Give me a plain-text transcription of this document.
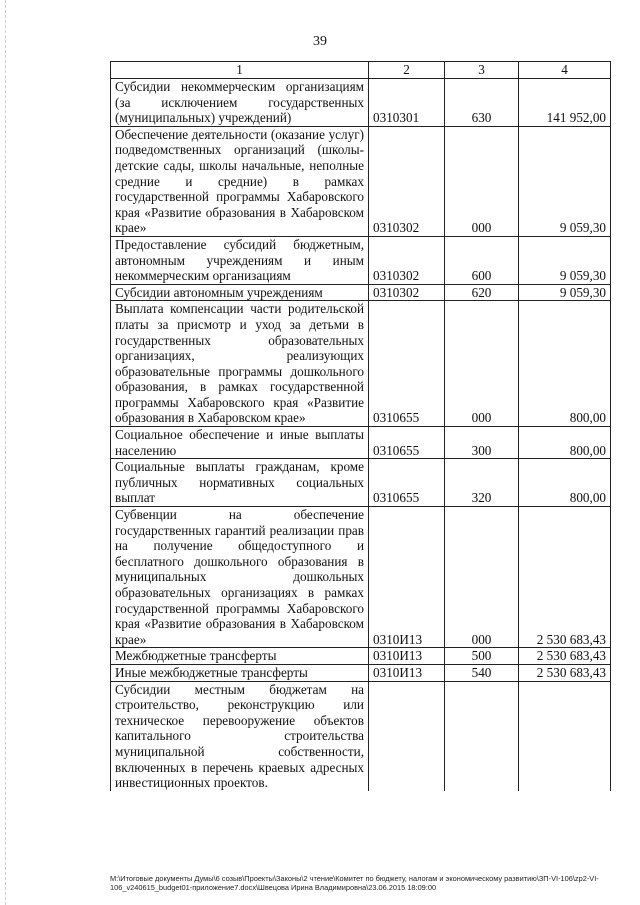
39
1	2	3	4
Субсидии некоммерческим организациям (за исключением государственных (муниципальных) учреждений)	0310301	630	141 952,00
Обеспечение деятельности (оказание услуг) подведомственных организаций (школы-детские сады, школы начальные, неполные средние и средние) в рамках государственной программы Хабаровского края «Развитие образования в Хабаровском крае»	0310302	000	9 059,30
Предоставление субсидий бюджетным, автономным учреждениям и иным некоммерческим организациям	0310302	600	9 059,30
Субсидии автономным учреждениям	0310302	620	9 059,30
Выплата компенсации части родительской платы за присмотр и уход за детьми в государственных образовательных организациях, реализующих образовательные программы дошкольного образования, в рамках государственной программы Хабаровского края «Развитие образования в Хабаровском крае»	0310655	000	800,00
Социальное обеспечение и иные выплаты населению	0310655	300	800,00
Социальные выплаты гражданам, кроме публичных нормативных социальных выплат	0310655	320	800,00
Субвенции на обеспечение государственных гарантий реализации прав на получение общедоступного и бесплатного дошкольного образования в муниципальных дошкольных образовательных организациях в рамках государственной программы Хабаровского края «Развитие образования в Хабаровском крае»	0310И13	000	2 530 683,43
Межбюджетные трансферты	0310И13	500	2 530 683,43
Иные межбюджетные трансферты	0310И13	540	2 530 683,43
Субсидии местным бюджетам на строительство, реконструкцию или техническое перевооружение объектов капитального строительства муниципальной собственности, включенных в перечень краевых адресных инвестиционных проектов.			
M:\Итоговые документы Думы\6 созыв\Проекты\Законы\2 чтение\Комитет по бюджету, налогам и экономическому развитию\ЗП-VI-106\zp2-VI-106_v240615_budget01-приложение7.docx\Швецова Ирина Владимировна\23.06.2015 18:09:00
